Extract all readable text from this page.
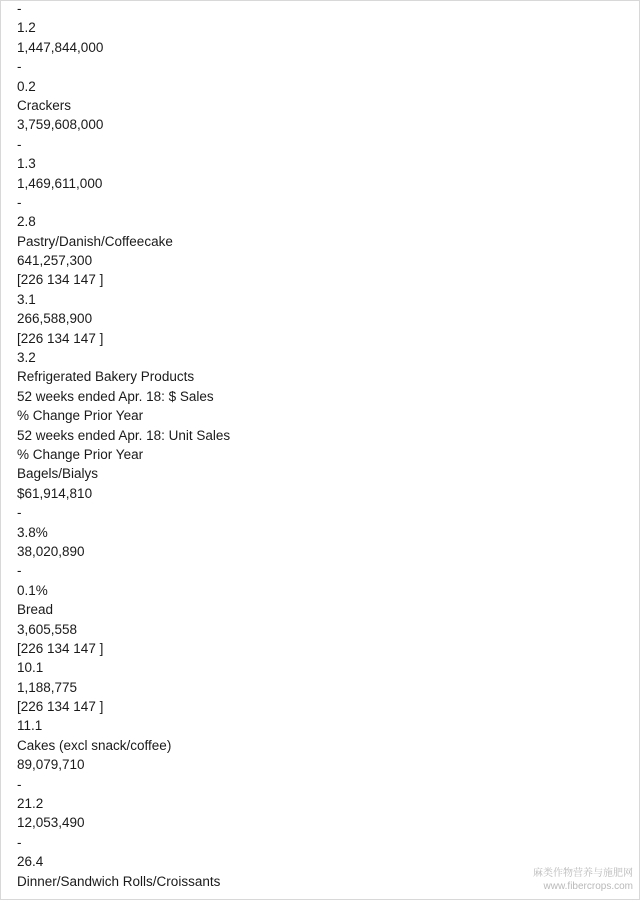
-
1.2
1,447,844,000
-
0.2
Crackers
3,759,608,000
-
1.3
1,469,611,000
-
2.8
Pastry/Danish/Coffeecake
641,257,300
[226 134 147 ]
3.1
266,588,900
[226 134 147 ]
3.2
Refrigerated Bakery Products
52 weeks ended Apr. 18: $ Sales
% Change Prior Year
52 weeks ended Apr. 18: Unit Sales
% Change Prior Year
Bagels/Bialys
$61,914,810
-
3.8%
38,020,890
-
0.1%
Bread
3,605,558
[226 134 147 ]
10.1
1,188,775
[226 134 147 ]
11.1
Cakes (excl snack/coffee)
89,079,710
-
21.2
12,053,490
-
26.4
Dinner/Sandwich Rolls/Croissants
麻类作物营养与施肥网
www.fibercrops.com
